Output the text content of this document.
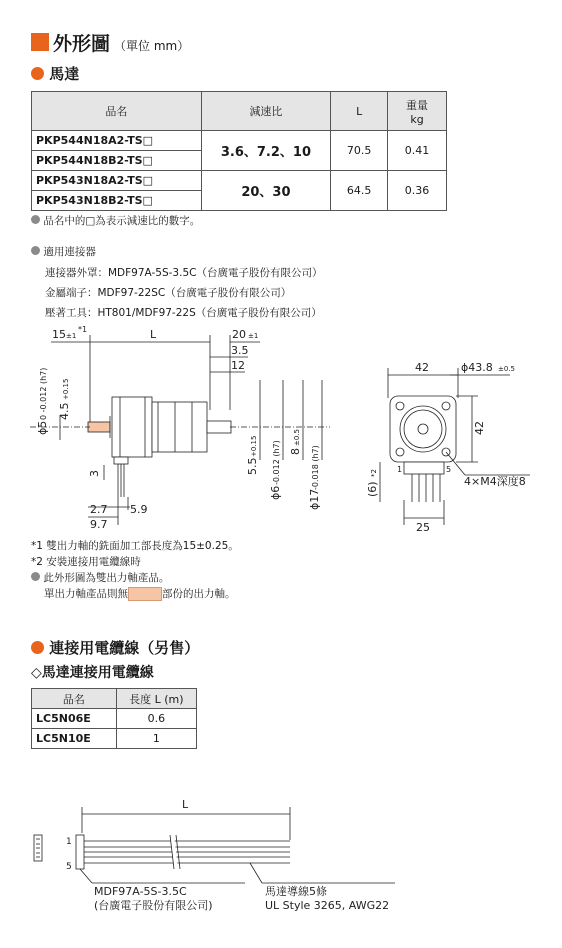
外形圖 （單位 mm）
馬達
品名	減速比	L	重量
kg
PKP544N18A2-TS□	3.6、7.2、10	70.5	0.41
PKP544N18B2-TS□			
PKP543N18A2-TS□	20、30	64.5	0.36
PKP543N18B2-TS□			
品名中的□為表示減速比的數字。
適用連接器
連接器外罩：MDF97A-5S-3.5C（台廣電子股份有限公司）
金屬端子：MDF97-22SC（台廣電子股份有限公司）
壓著工具：HT801/MDF97-22S（台廣電子股份有限公司）
15 ±1
*1	L	20 ±1
3.5
12
ϕ5
0 -0.012 (h7) 4.5
+0.15
3	5.5
+0.15
ϕ6
-0.012 (h7) 8
±0.5
ϕ17
-0.018 (h7)
2.7 5.9
9.7
42	ϕ43.8 ±0.5
42
(6)
*2 1	5
4×M4深度8
25
*1 雙出力軸的銑面加工部長度為15±0.25。
*2 安裝連接用電纜線時
此外形圖為雙出力軸產品。
單出力軸產品則無	部份的出力軸。
連接用電纜線（另售）
◇馬達連接用電纜線
品名	長度 L (m)
LC5N06E	0.6
LC5N10E	1
L
1
5
MDF97A-5S-3.5C
(台廣電子股份有限公司)
馬達導線5條
UL Style 3265, AWG22
